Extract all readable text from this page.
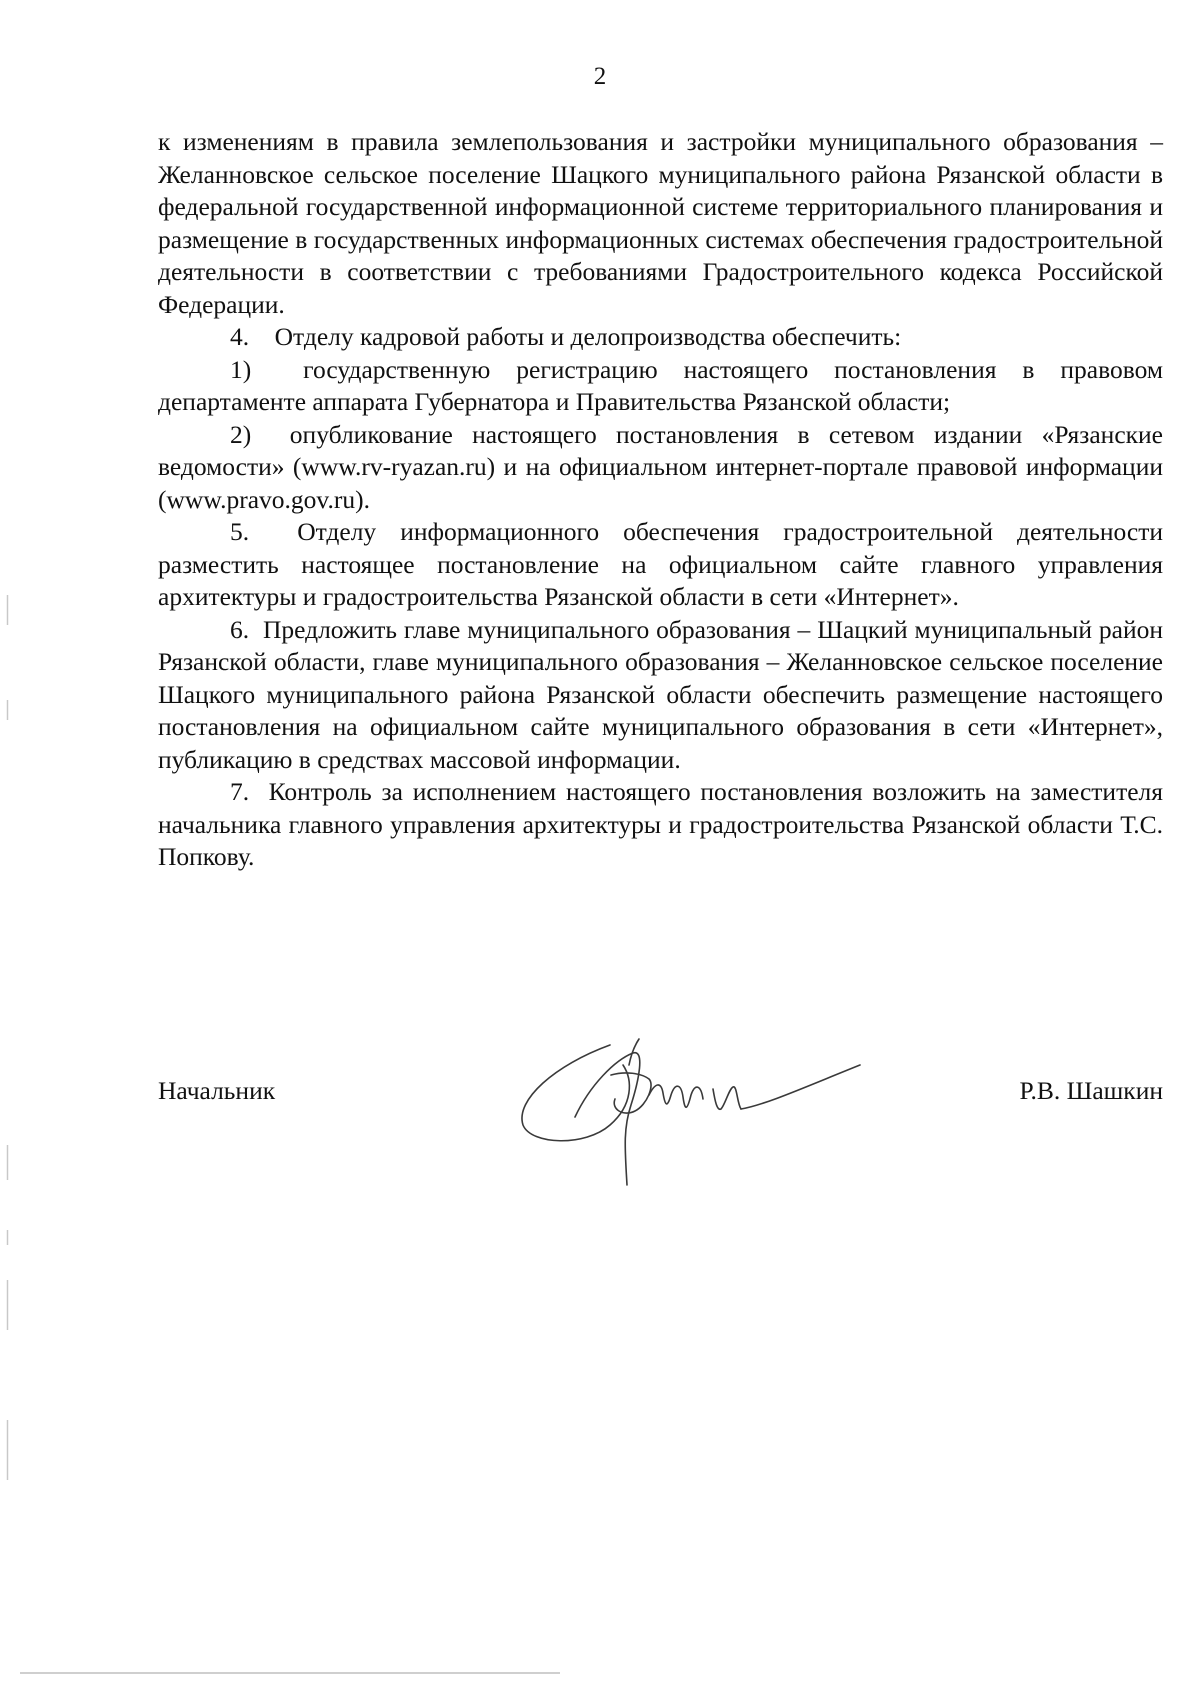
2

к изменениям в правила землепользования и застройки муниципального образования – Желанновское сельское поселение Шацкого муниципального района Рязанской области в федеральной государственной информационной системе территориального планирования и размещение в государственных информационных системах обеспечения градостроительной деятельности в соответствии с требованиями Градостроительного кодекса Российской Федерации.

4.    Отделу кадровой работы и делопроизводства обеспечить:

1)  государственную регистрацию настоящего постановления в правовом департаменте аппарата Губернатора и Правительства Рязанской области;

2)  опубликование настоящего постановления в сетевом издании «Рязанские ведомости» (www.rv-ryazan.ru) и на официальном интернет-портале правовой информации (www.pravo.gov.ru).

5.  Отделу информационного обеспечения градостроительной деятельности разместить настоящее постановление на официальном сайте главного управления архитектуры и градостроительства Рязанской области в сети «Интернет».

6.  Предложить главе муниципального образования – Шацкий муниципальный район Рязанской области, главе муниципального образования – Желанновское сельское поселение Шацкого муниципального района Рязанской области обеспечить размещение настоящего постановления на официальном сайте муниципального образования в сети «Интернет», публикацию в средствах массовой информации.

7.  Контроль за исполнением настоящего постановления возложить на заместителя начальника главного управления архитектуры и градостроительства Рязанской области Т.С. Попкову.

Начальник	Р.В. Шашкин
